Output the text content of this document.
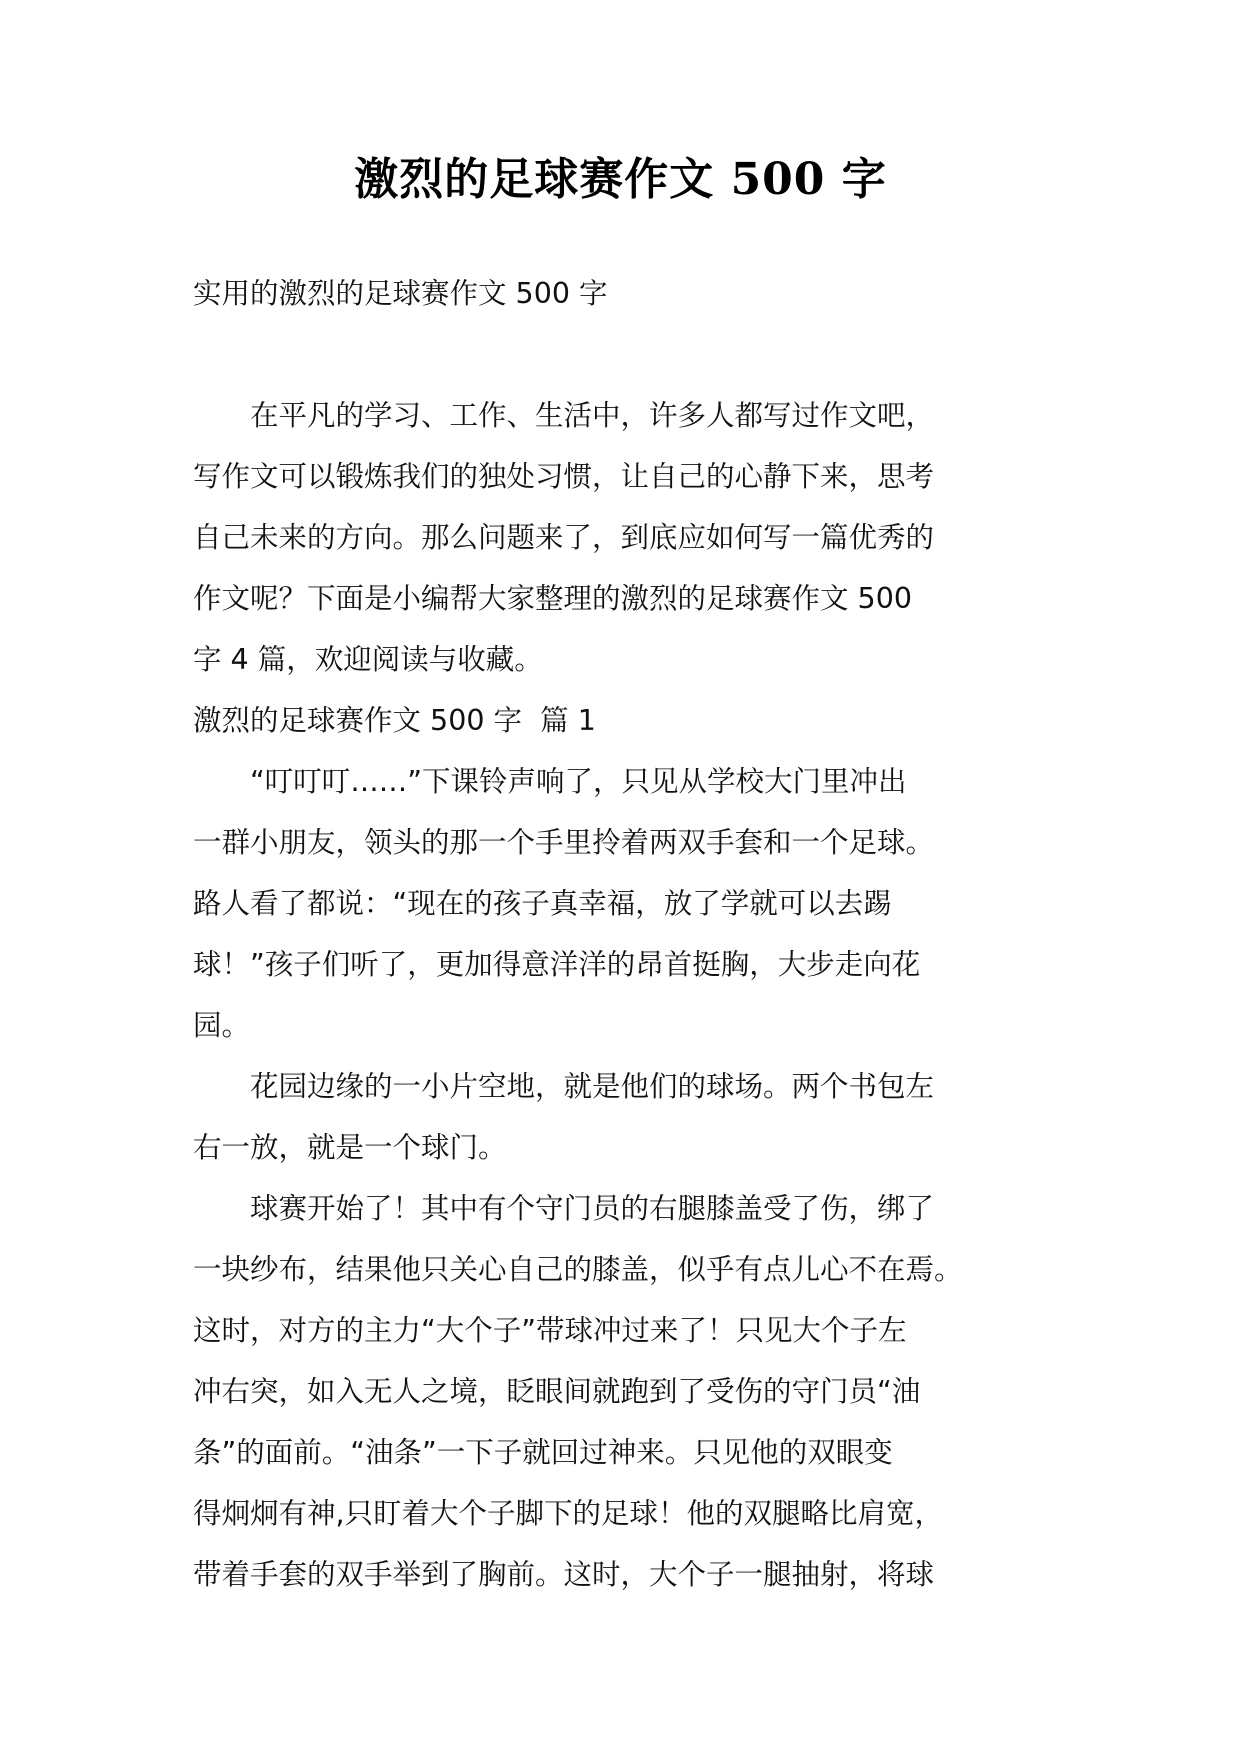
激烈的足球赛作文 500 字
实用的激烈的足球赛作文 500 字
　　在平凡的学习、工作、生活中，许多人都写过作文吧，
写作文可以锻炼我们的独处习惯，让自己的心静下来，思考
自己未来的方向。那么问题来了，到底应如何写一篇优秀的
作文呢？下面是小编帮大家整理的激烈的足球赛作文 500
字 4 篇，欢迎阅读与收藏。
激烈的足球赛作文 500 字  篇 1
　　“叮叮叮……”下课铃声响了，只见从学校大门里冲出
一群小朋友，领头的那一个手里拎着两双手套和一个足球。
路人看了都说：“现在的孩子真幸福，放了学就可以去踢
球！”孩子们听了，更加得意洋洋的昂首挺胸，大步走向花
园。
　　花园边缘的一小片空地，就是他们的球场。两个书包左
右一放，就是一个球门。
　　球赛开始了！其中有个守门员的右腿膝盖受了伤，绑了
一块纱布，结果他只关心自己的膝盖，似乎有点儿心不在焉。
这时，对方的主力“大个子”带球冲过来了！只见大个子左
冲右突，如入无人之境，眨眼间就跑到了受伤的守门员“油
条”的面前。“油条”一下子就回过神来。只见他的双眼变
得炯炯有神,只盯着大个子脚下的足球！他的双腿略比肩宽，
带着手套的双手举到了胸前。这时，大个子一腿抽射，将球
